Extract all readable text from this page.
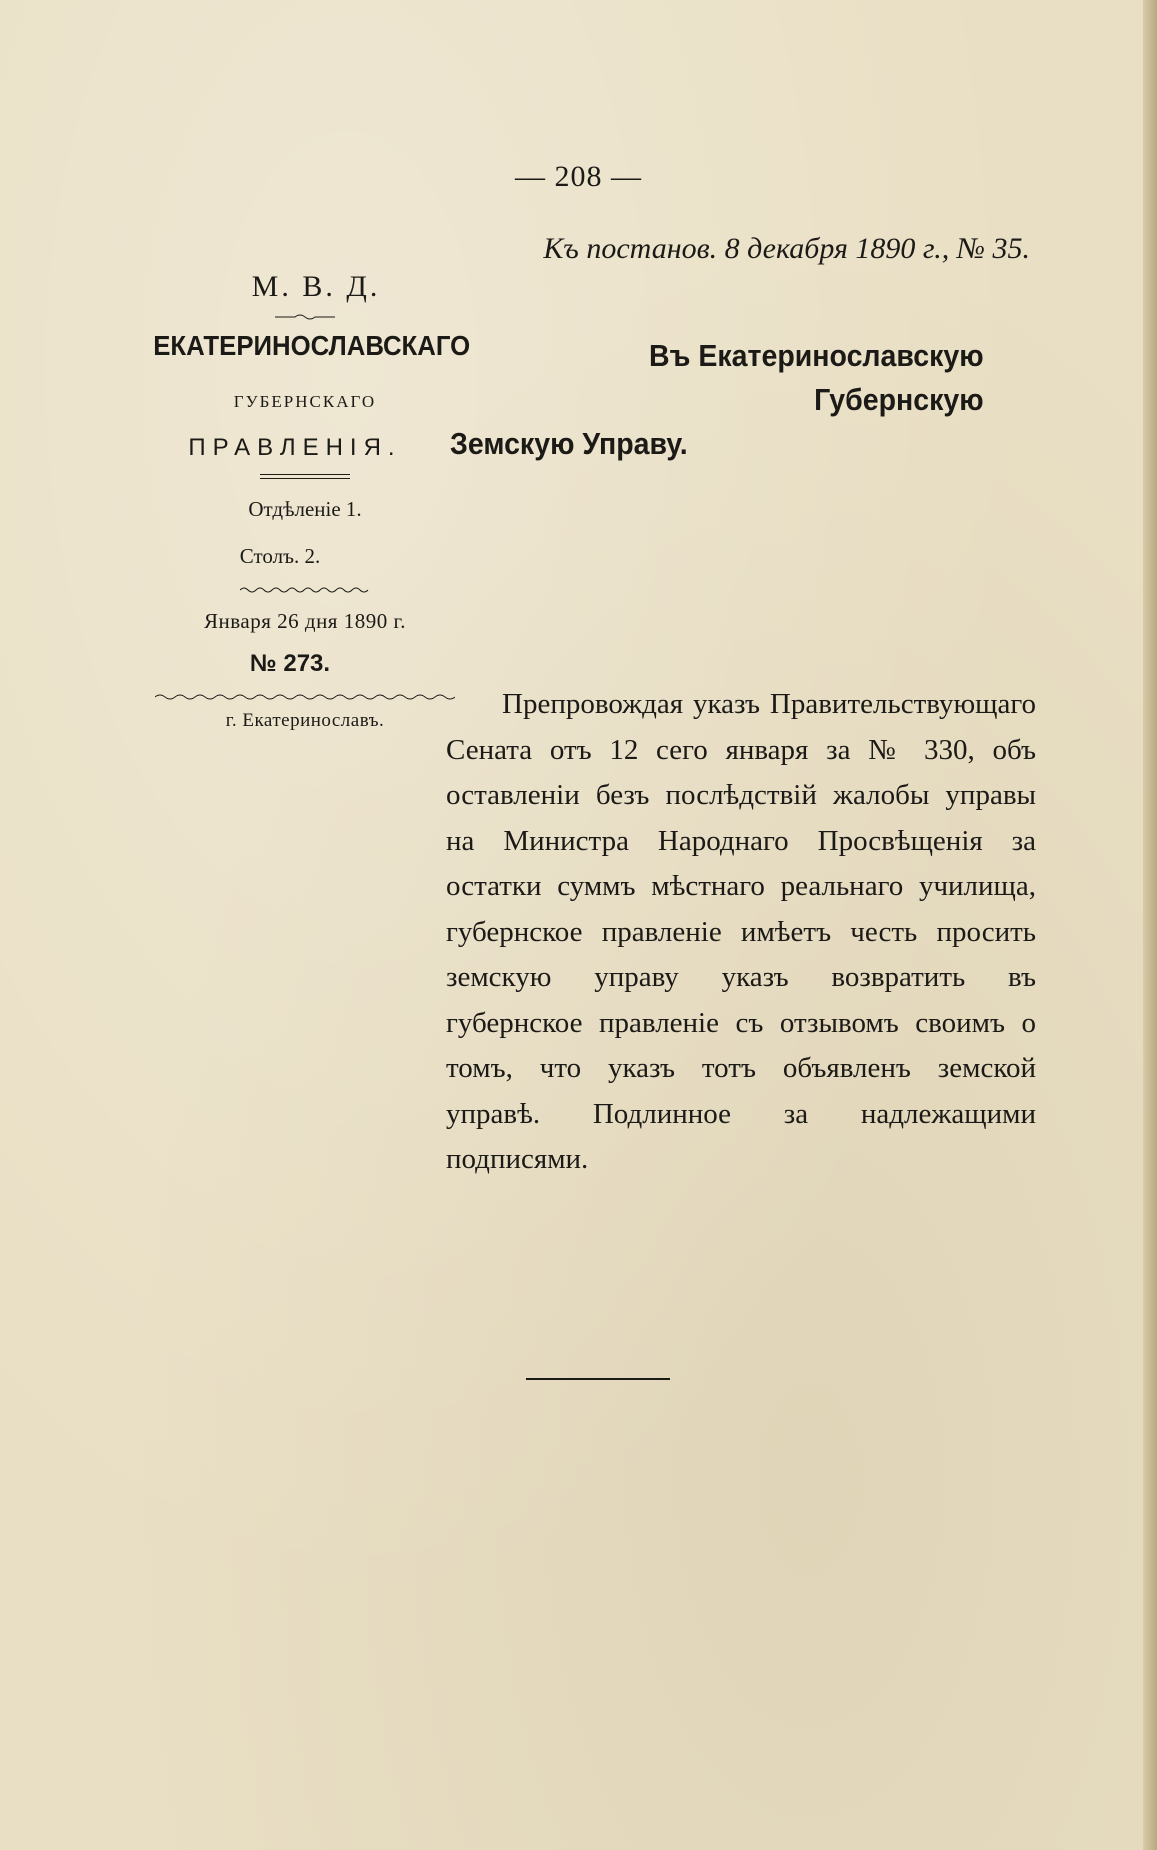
— 208 —
Къ постанов. 8 декабря 1890 г., № 35.
М. В. Д.
ЕКАТЕРИНОСЛАВСКАГО
ГУБЕРНСКАГО
ПРАВЛЕНІЯ.
Отдѣленіе 1.
Столъ. 2.
Января 26 дня 1890 г.
№ 273.
г. Екатеринославъ.
Въ Екатеринославскую Губернскую
Земскую Управу.

Препровождая указъ Правительствующаго Сената отъ 12 сего января за № 330, объ оставленіи безъ послѣдствій жалобы управы на Министра Народнаго Просвѣщенія за остатки суммъ мѣстнаго реальнаго училища, губернское правленіе имѣетъ честь просить земскую управу указъ возвратить въ губернское правленіе съ отзывомъ своимъ о томъ, что указъ тотъ объявленъ земской управѣ. Подлинное за надлежащими подписями.
